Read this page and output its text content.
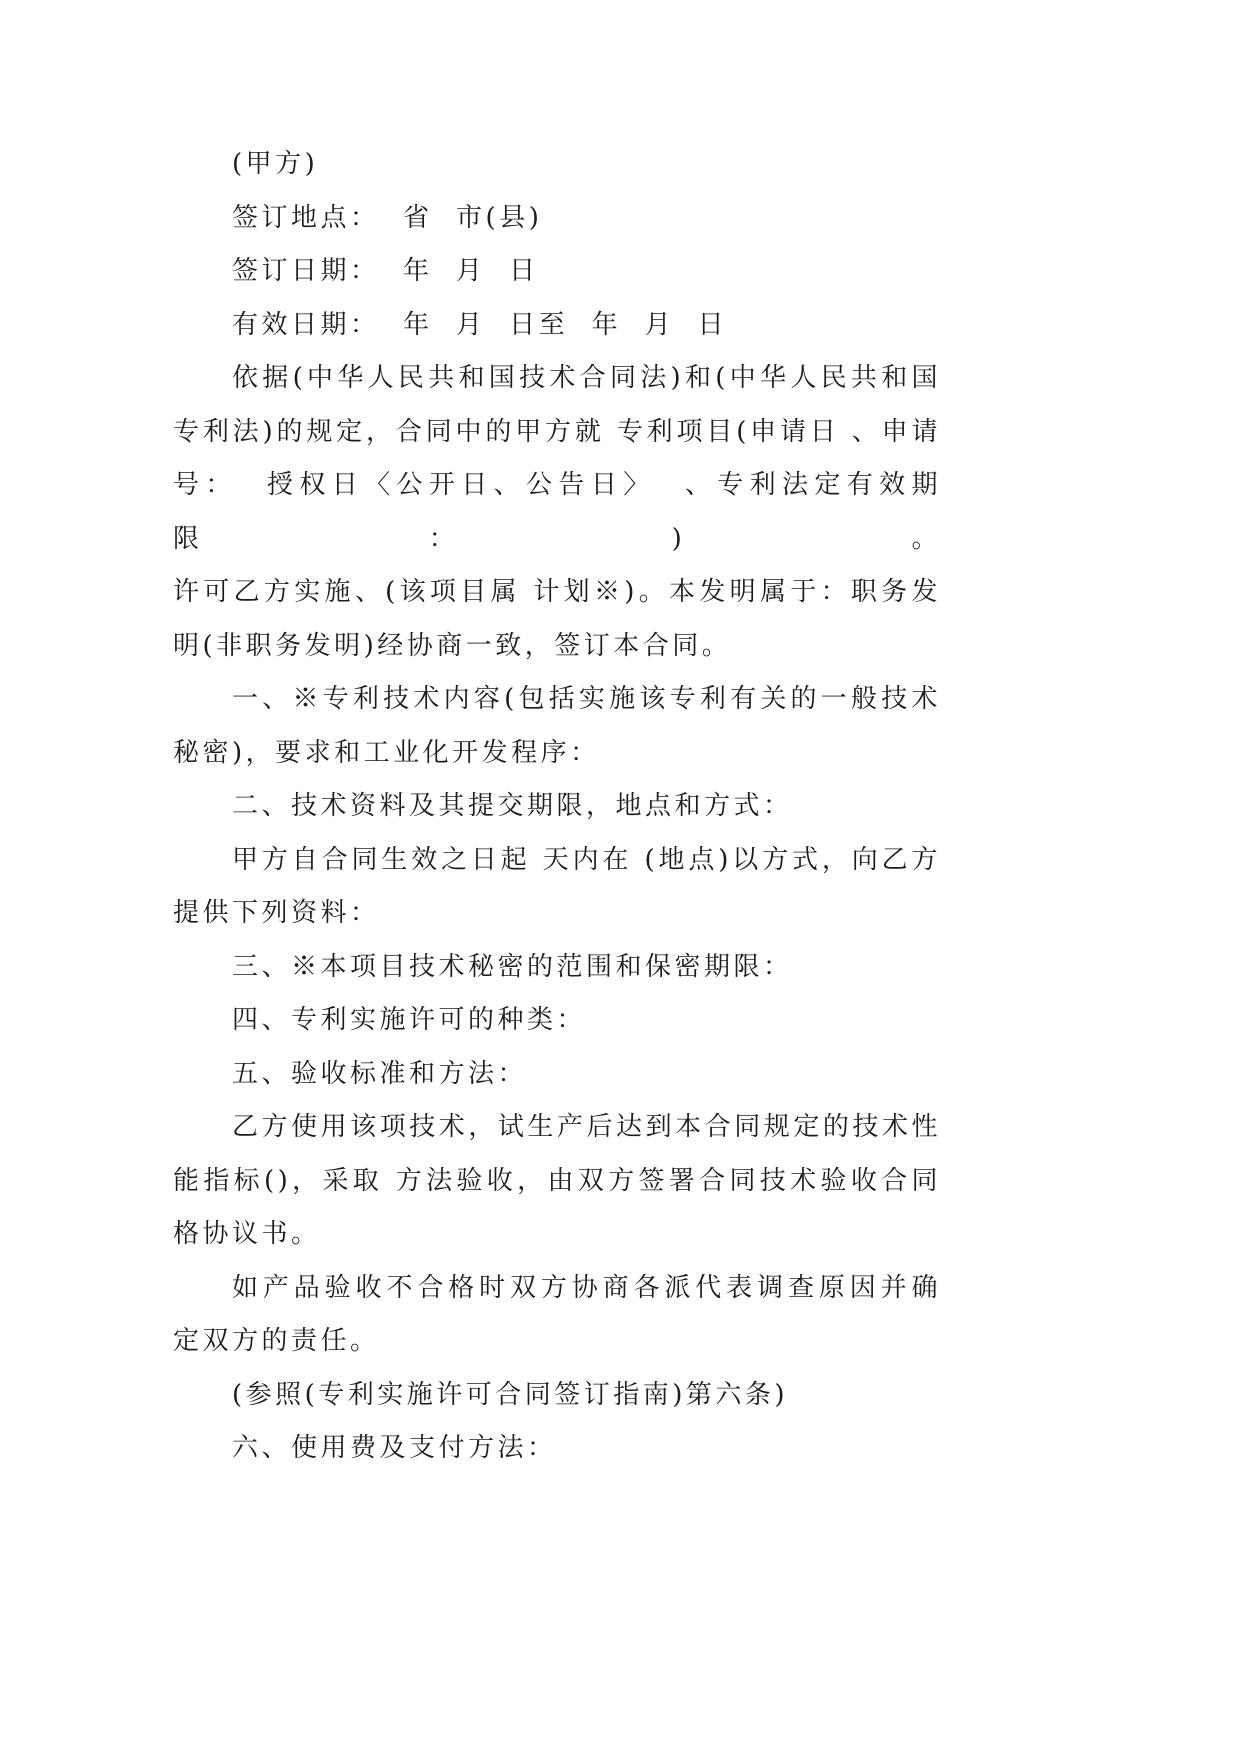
(甲方)
签订地点：  省  市(县)
签订日期：  年  月  日
有效日期：  年  月  日至  年  月  日
依据(中华人民共和国技术合同法)和(中华人民共和国
专利法)的规定，合同中的甲方就 专利项目(申请日 、申请
号：  授权日〈公开日、公告日〉  、专利法定有效期限：)。
许可乙方实施、(该项目属 计划※)。本发明属于：职务发
明(非职务发明)经协商一致，签订本合同。
一、※专利技术内容(包括实施该专利有关的一般技术
秘密)，要求和工业化开发程序：
二、技术资料及其提交期限，地点和方式：
甲方自合同生效之日起 天内在 (地点)以方式，向乙方
提供下列资料：
三、※本项目技术秘密的范围和保密期限：
四、专利实施许可的种类：
五、验收标准和方法：
乙方使用该项技术，试生产后达到本合同规定的技术性
能指标()，采取 方法验收，由双方签署合同技术验收合同
格协议书。
如产品验收不合格时双方协商各派代表调查原因并确
定双方的责任。
(参照(专利实施许可合同签订指南)第六条)
六、使用费及支付方法：
